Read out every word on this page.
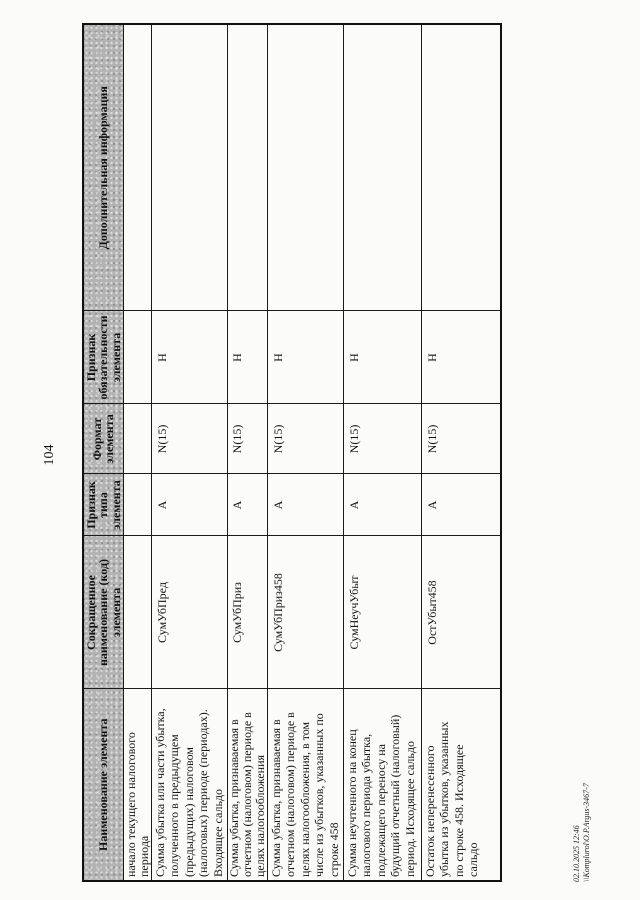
104
Наименование элемента	Сокращенное наименование (код) элемента	Признак типа элемента	Формат элемента	Признак обязательности элемента	Дополнительная информация
начало текущего налогового
периода					
Сумма убытка или части убытка,
полученного в предыдущем
(предыдущих) налоговом
(налоговых) периоде (периодах).
Входящее сальдо	СумУбПред	А	N(15)	Н	
Сумма убытка, признаваемая в
отчетном (налоговом) периоде в
целях налогообложения	СумУбПриз	А	N(15)	Н	
Сумма убытка, признаваемая в
отчетном (налоговом) периоде в
целях налогообложения, в том
числе из убытков, указанных по
строке 458	СумУбПриз458	А	N(15)	Н	
Сумма неучтенного на конец
налогового периода убытка,
подлежащего переносу на
будущий отчетный (налоговый)
период. Исходящее сальдо	СумНеучУбыт	А	N(15)	Н	
Остаток неперенесенного
убытка из убытков, указанных
по строке 458. Исходящее
сальдо	ОстУбыт458	А	N(15)	Н	
02.10.2025 12:46 \\Komplurol\O.P.Argus-3467-7
